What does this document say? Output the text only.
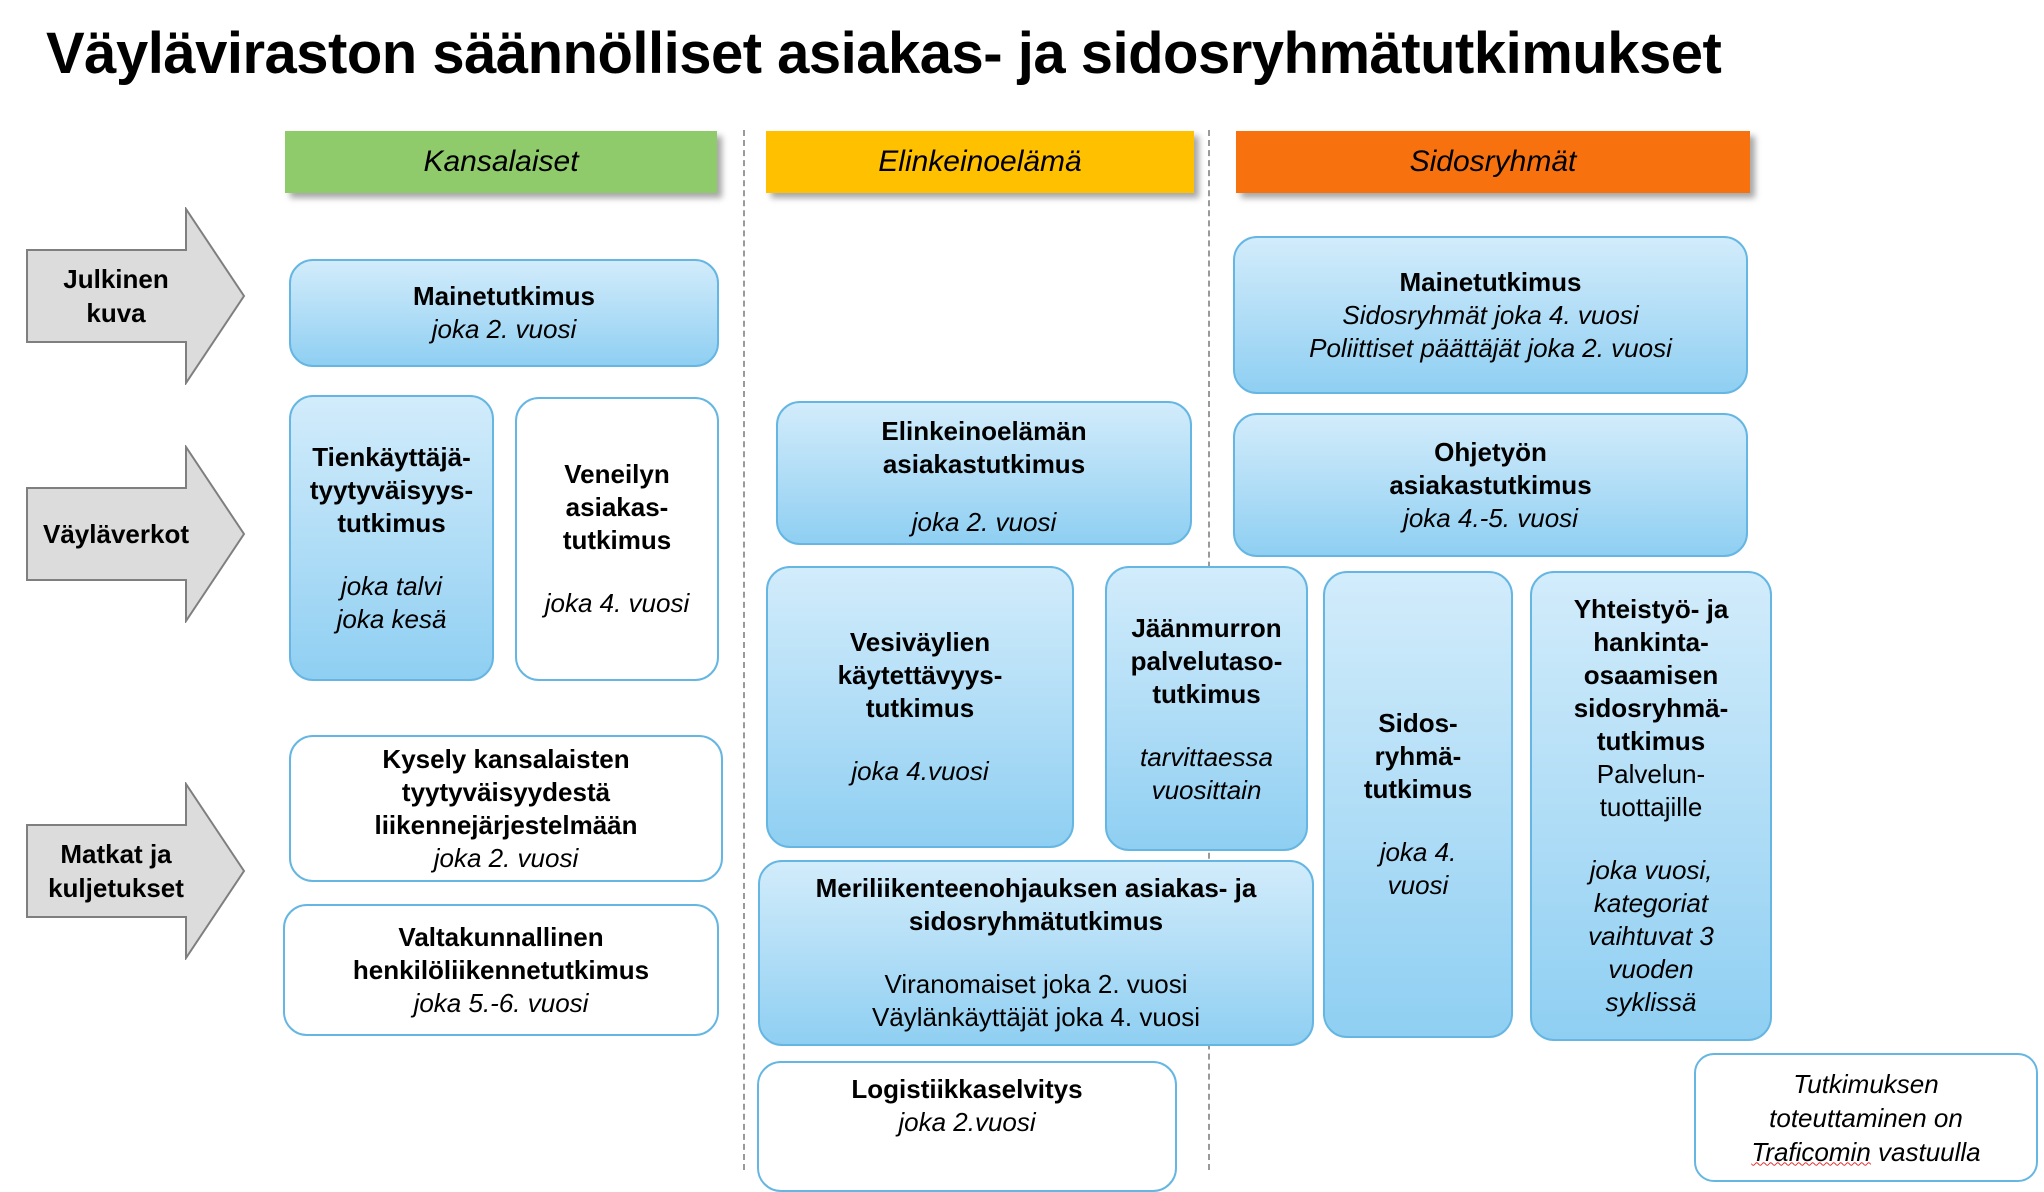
Väyläviraston säännölliset asiakas- ja sidosryhmätutkimukset
Kansalaiset	Elinkeinoelämä	Sidosryhmät
Julkinen
kuva
Väyläverkot
Matkat ja
kuljetukset
Mainetutkimus
joka 2. vuosi
Tienkäyttäjä-
tyytyväisyys-
tutkimus
joka talvi
joka kesä
Veneilyn
asiakas-
tutkimus
joka 4. vuosi
Kysely kansalaisten
tyytyväisyydestä
liikennejärjestelmään
joka 2. vuosi
Valtakunnallinen
henkilöliikennetutkimus
joka 5.-6. vuosi
Elinkeinoelämän
asiakastutkimus
joka 2. vuosi
Vesiväylien
käytettävyys-
tutkimus
joka 4.vuosi
Jäänmurron
palvelutaso-
tutkimus
tarvittaessa
vuosittain
Meriliikenteenohjauksen asiakas- ja
sidosryhmätutkimus
Viranomaiset joka 2. vuosi
Väylänkäyttäjät joka 4. vuosi
Logistiikkaselvitys
joka 2.vuosi
Mainetutkimus
Sidosryhmät joka 4. vuosi
Poliittiset päättäjät joka 2. vuosi
Ohjetyön
asiakastutkimus
joka 4.-5. vuosi
Sidos-
ryhmä-
tutkimus
joka 4.
vuosi
Yhteistyö- ja
hankinta-
osaamisen
sidosryhmä-
tutkimus
Palvelun-
tuottajille
joka vuosi,
kategoriat
vaihtuvat 3
vuoden
syklissä
Tutkimuksen
toteuttaminen on
Traficomin vastuulla
